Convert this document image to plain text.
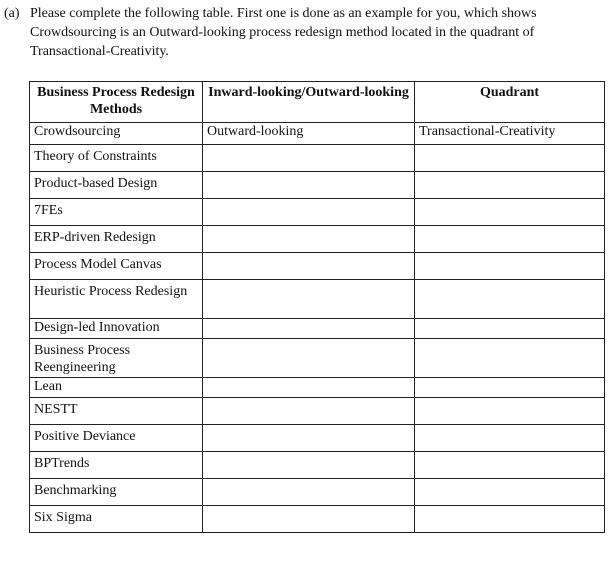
(a) Please complete the following table. First one is done as an example for you, which shows Crowdsourcing is an Outward-looking process redesign method located in the quadrant of Transactional-Creativity.
Business Process Redesign Methods	Inward-looking/Outward-looking	Quadrant
Crowdsourcing	Outward-looking	Transactional-Creativity
Theory of Constraints		
Product-based Design		
7FEs		
ERP-driven Redesign		
Process Model Canvas		
Heuristic Process Redesign		
Design-led Innovation		
Business Process Reengineering		
Lean		
NESTT		
Positive Deviance		
BPTrends		
Benchmarking		
Six Sigma		
